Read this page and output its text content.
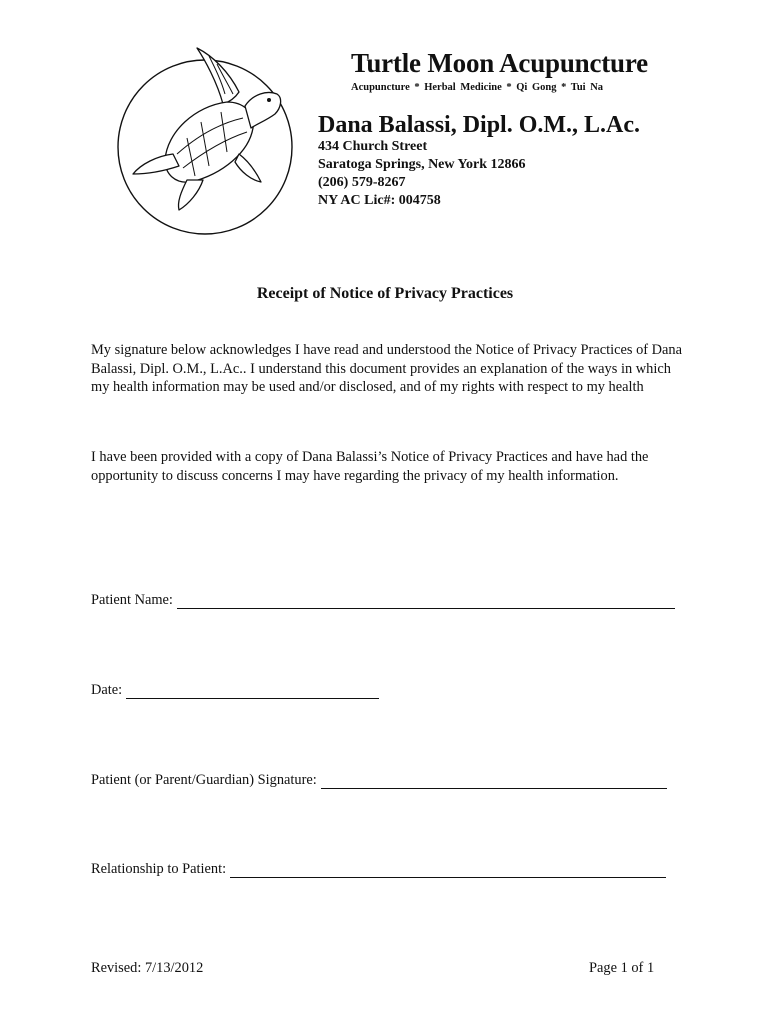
Turtle Moon Acupuncture
Acupuncture * Herbal Medicine * Qi Gong * Tui Na
Dana Balassi, Dipl. O.M., L.Ac.
434 Church Street
Saratoga Springs, New York 12866
(206) 579-8267
NY AC Lic#: 004758
Receipt of Notice of Privacy Practices
My signature below acknowledges I have read and understood the Notice of Privacy Practices of Dana Balassi, Dipl. O.M., L.Ac.. I understand this document provides an explanation of the ways in which my health information may be used and/or disclosed, and of my rights with respect to my health
I have been provided with a copy of Dana Balassi’s Notice of Privacy Practices and have had the opportunity to discuss concerns I may have regarding the privacy of my health information.
Patient Name:
Date:
Patient (or Parent/Guardian) Signature:
Relationship to Patient:
Revised: 7/13/2012	Page 1 of 1
